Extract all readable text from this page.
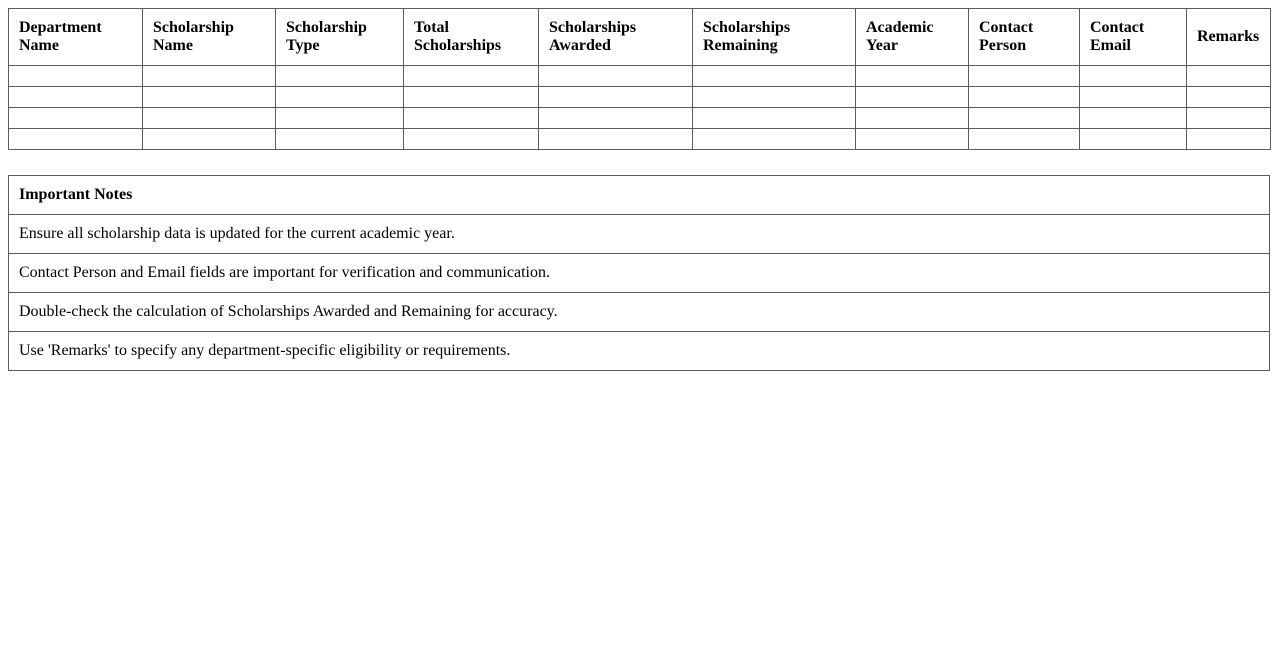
Department Name	Scholarship Name	Scholarship Type	Total Scholarships	Scholarships Awarded	Scholarships Remaining	Academic Year	Contact Person	Contact Email	Remarks

Important Notes
Ensure all scholarship data is updated for the current academic year.
Contact Person and Email fields are important for verification and communication.
Double-check the calculation of Scholarships Awarded and Remaining for accuracy.
Use 'Remarks' to specify any department-specific eligibility or requirements.
